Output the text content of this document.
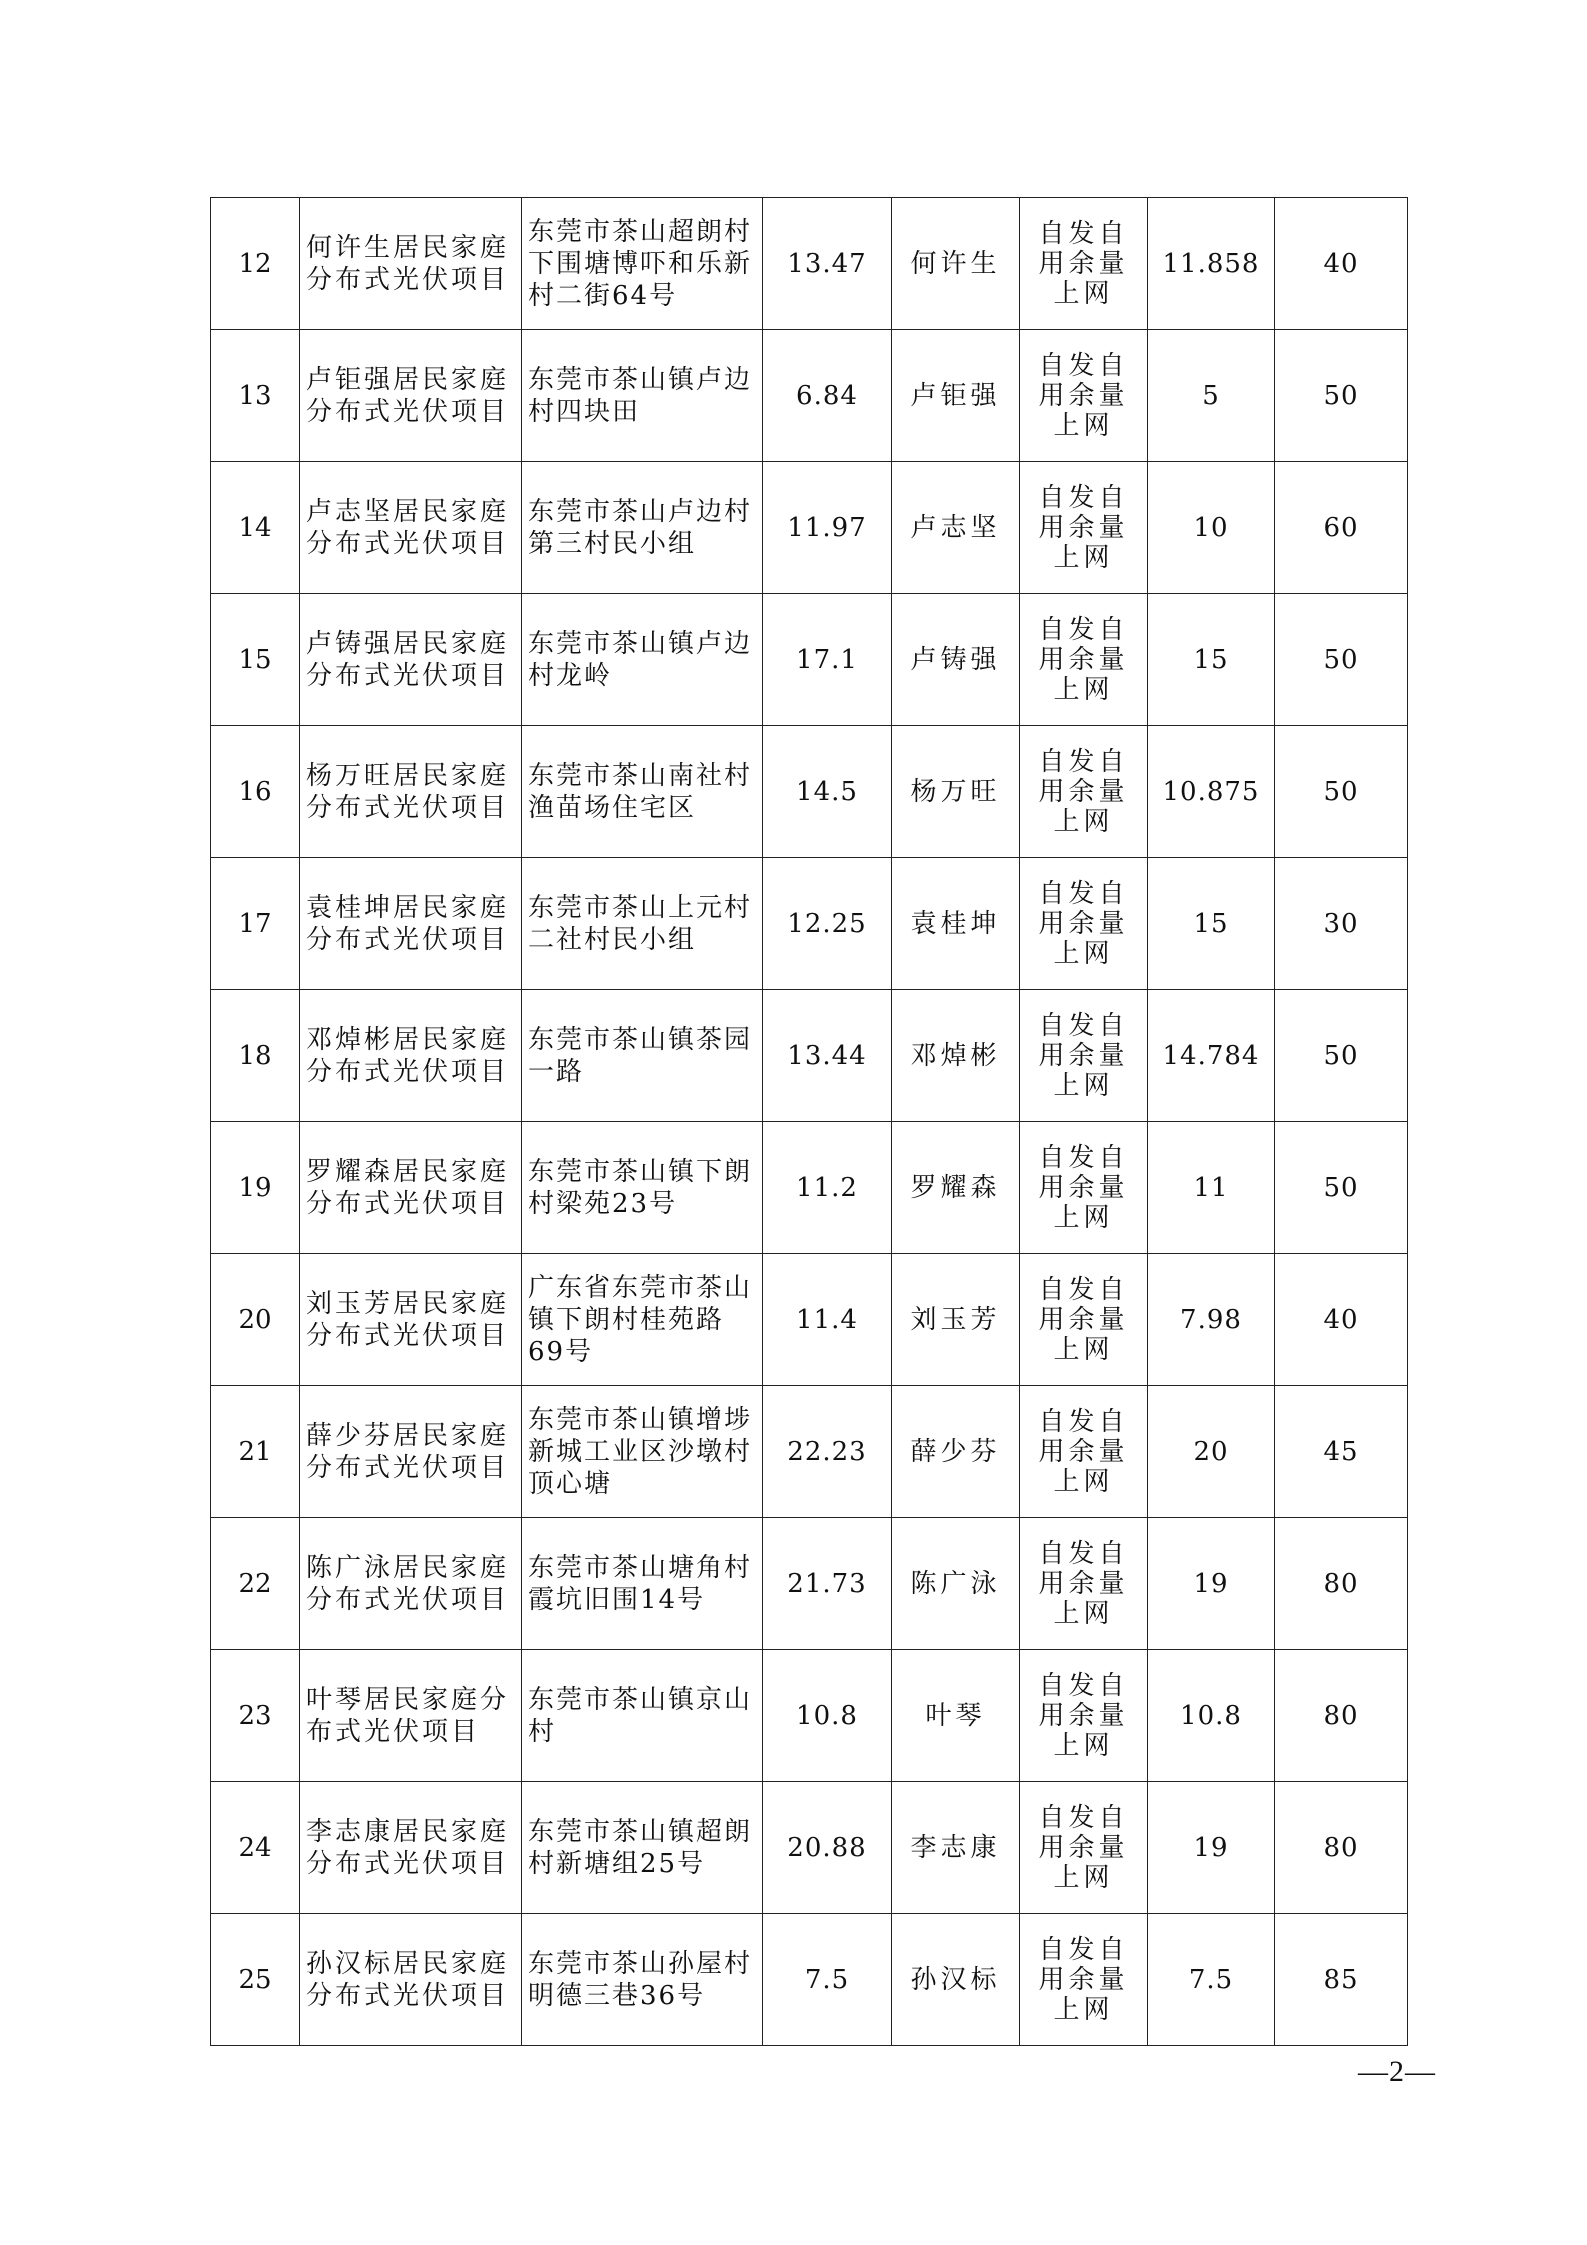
12	何许生居民家庭分布式光伏项目	东莞市茶山超朗村下围塘博吓和乐新村二街64号	13.47	何许生	自发自用余量上网	11.858	40
13	卢钜强居民家庭分布式光伏项目	东莞市茶山镇卢边村四块田	6.84	卢钜强	自发自用余量上网	5	50
14	卢志坚居民家庭分布式光伏项目	东莞市茶山卢边村第三村民小组	11.97	卢志坚	自发自用余量上网	10	60
15	卢铸强居民家庭分布式光伏项目	东莞市茶山镇卢边村龙岭	17.1	卢铸强	自发自用余量上网	15	50
16	杨万旺居民家庭分布式光伏项目	东莞市茶山南社村渔苗场住宅区	14.5	杨万旺	自发自用余量上网	10.875	50
17	袁桂坤居民家庭分布式光伏项目	东莞市茶山上元村二社村民小组	12.25	袁桂坤	自发自用余量上网	15	30
18	邓焯彬居民家庭分布式光伏项目	东莞市茶山镇茶园一路	13.44	邓焯彬	自发自用余量上网	14.784	50
19	罗耀森居民家庭分布式光伏项目	东莞市茶山镇下朗村梁苑23号	11.2	罗耀森	自发自用余量上网	11	50
20	刘玉芳居民家庭分布式光伏项目	广东省东莞市茶山镇下朗村桂苑路69号	11.4	刘玉芳	自发自用余量上网	7.98	40
21	薛少芬居民家庭分布式光伏项目	东莞市茶山镇增埗新城工业区沙墩村顶心塘	22.23	薛少芬	自发自用余量上网	20	45
22	陈广泳居民家庭分布式光伏项目	东莞市茶山塘角村霞坑旧围14号	21.73	陈广泳	自发自用余量上网	19	80
23	叶琴居民家庭分布式光伏项目	东莞市茶山镇京山村	10.8	叶琴	自发自用余量上网	10.8	80
24	李志康居民家庭分布式光伏项目	东莞市茶山镇超朗村新塘组25号	20.88	李志康	自发自用余量上网	19	80
25	孙汉标居民家庭分布式光伏项目	东莞市茶山孙屋村明德三巷36号	7.5	孙汉标	自发自用余量上网	7.5	85
—2—
